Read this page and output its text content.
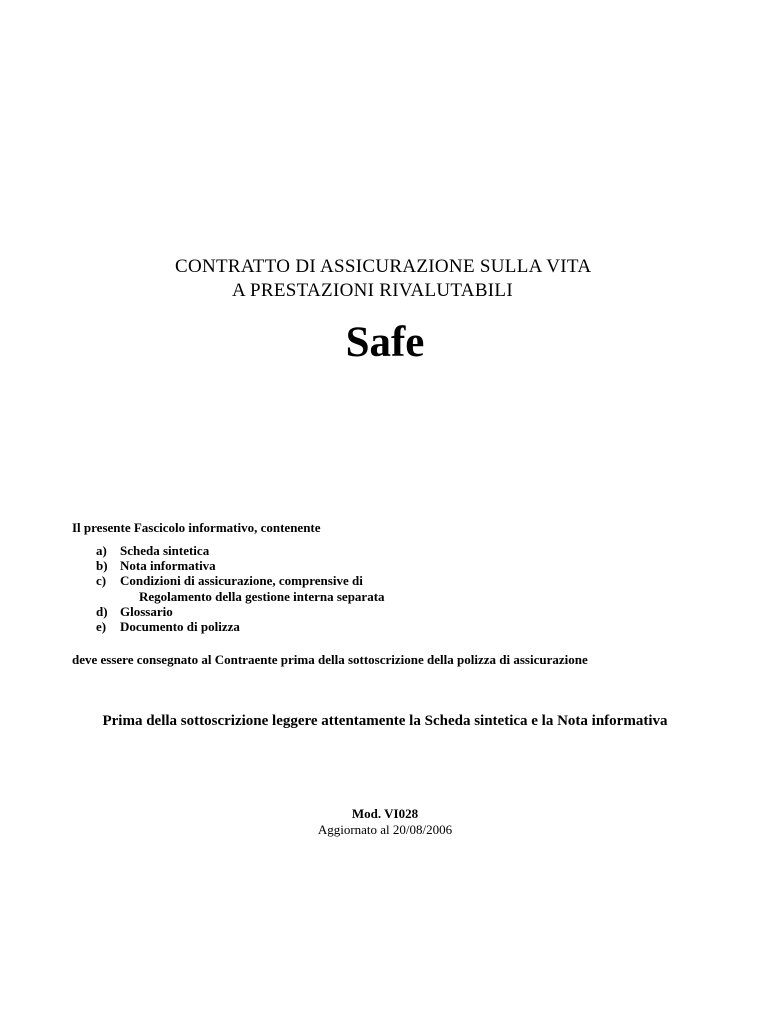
CONTRATTO DI ASSICURAZIONE SULLA VITA
A PRESTAZIONI RIVALUTABILI
Safe
Il presente Fascicolo informativo, contenente
a) Scheda sintetica
b) Nota informativa
c) Condizioni di assicurazione, comprensive di
Regolamento della gestione interna separata
d) Glossario
e) Documento di polizza
deve essere consegnato al Contraente prima della sottoscrizione della polizza di assicurazione
Prima della sottoscrizione leggere attentamente la Scheda sintetica e la Nota informativa
Mod. VI028
Aggiornato al 20/08/2006
